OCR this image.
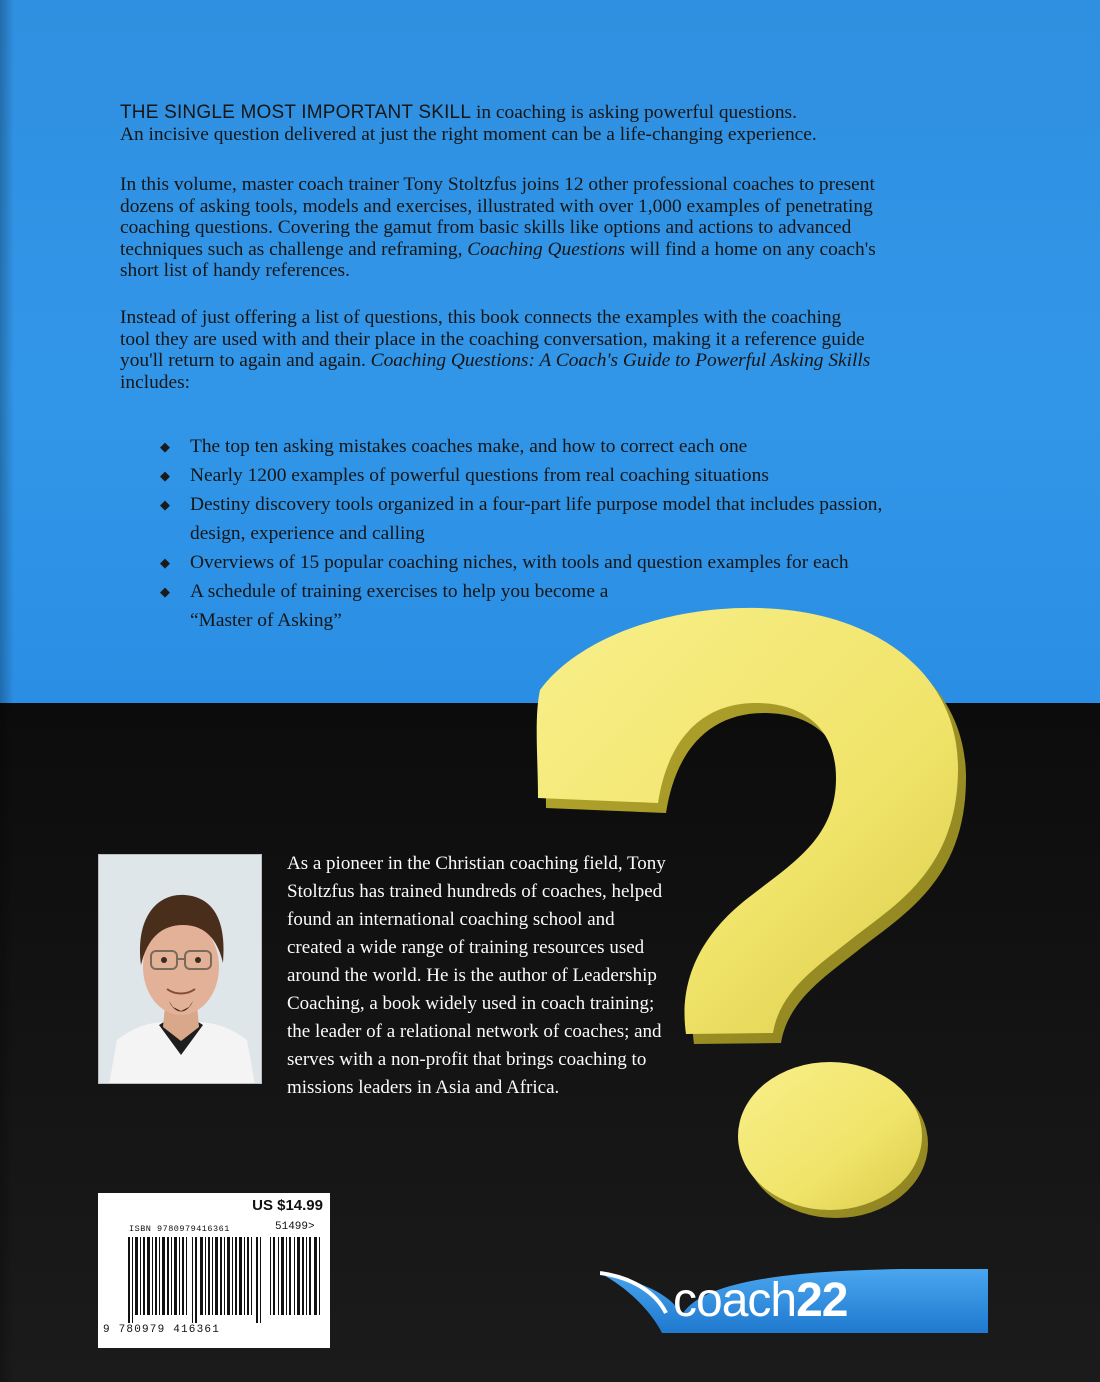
THE SINGLE MOST IMPORTANT SKILL in coaching is asking powerful questions.
An incisive question delivered at just the right moment can be a life-changing experience.

In this volume, master coach trainer Tony Stoltzfus joins 12 other professional coaches to present
dozens of asking tools, models and exercises, illustrated with over 1,000 examples of penetrating
coaching questions. Covering the gamut from basic skills like options and actions to advanced
techniques such as challenge and reframing, Coaching Questions will find a home on any coach's
short list of handy references.

Instead of just offering a list of questions, this book connects the examples with the coaching
tool they are used with and their place in the coaching conversation, making it a reference guide
you'll return to again and again. Coaching Questions: A Coach's Guide to Powerful Asking Skills
includes:

◆ The top ten asking mistakes coaches make, and how to correct each one
◆ Nearly 1200 examples of powerful questions from real coaching situations
◆ Destiny discovery tools organized in a four-part life purpose model that includes passion,
design, experience and calling
◆ Overviews of 15 popular coaching niches, with tools and question examples for each
◆ A schedule of training exercises to help you become a
“Master of Asking”
As a pioneer in the Christian coaching field, Tony
Stoltzfus has trained hundreds of coaches, helped
found an international coaching school and
created a wide range of training resources used
around the world. He is the author of Leadership
Coaching, a book widely used in coach training;
the leader of a relational network of coaches; and
serves with a non-profit that brings coaching to
missions leaders in Asia and Africa.
US $14.99
ISBN 9780979416361	51499>
9 780979 416361
coach22
